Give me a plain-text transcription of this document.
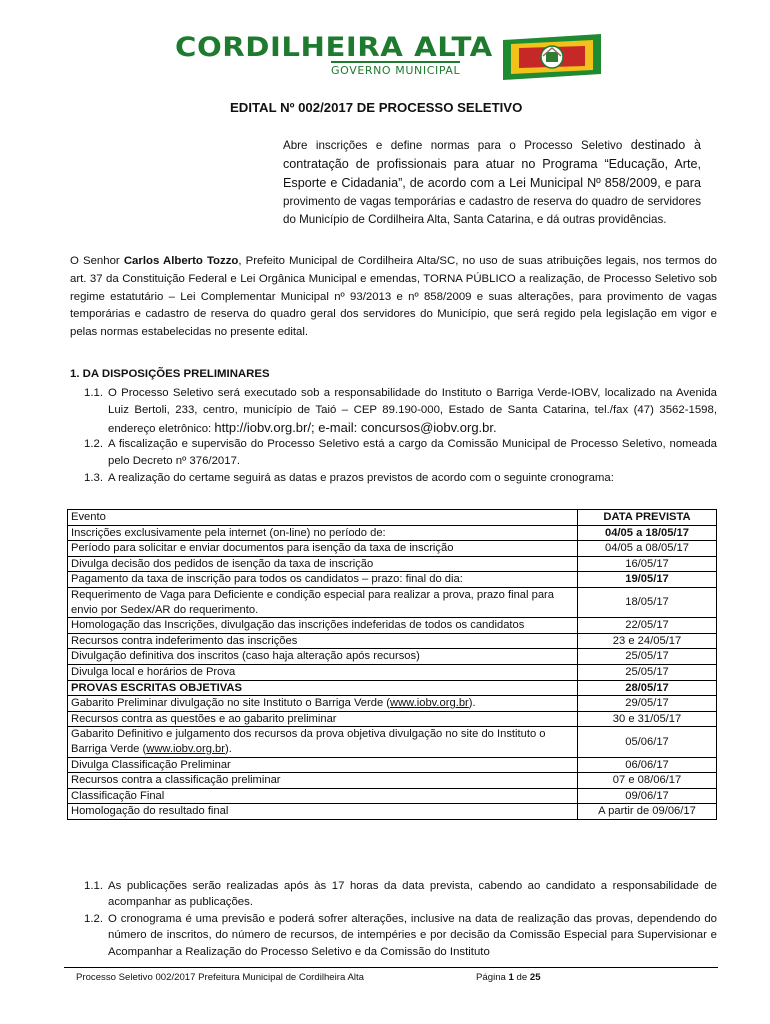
CORDILHEIRA ALTA
GOVERNO MUNICIPAL
EDITAL Nº 002/2017 DE PROCESSO SELETIVO
Abre inscrições e define normas para o Processo Seletivo destinado à contratação de profissionais para atuar no Programa “Educação, Arte, Esporte e Cidadania”, de acordo com a Lei Municipal Nº 858/2009, e para provimento de vagas temporárias e cadastro de reserva do quadro de servidores do Município de Cordilheira Alta, Santa Catarina, e dá outras providências.
O Senhor Carlos Alberto Tozzo, Prefeito Municipal de Cordilheira Alta/SC, no uso de suas atribuições legais, nos termos do art. 37 da Constituição Federal e Lei Orgânica Municipal e emendas, TORNA PÚBLICO a realização, de Processo Seletivo sob regime estatutário – Lei Complementar Municipal nº 93/2013 e nº 858/2009 e suas alterações, para provimento de vagas temporárias e cadastro de reserva do quadro geral dos servidores do Município, que será regido pela legislação em vigor e pelas normas estabelecidas no presente edital.
1. DA DISPOSIÇÕES PRELIMINARES
1.1. O Processo Seletivo será executado sob a responsabilidade do Instituto o Barriga Verde-IOBV, localizado na Avenida Luiz Bertoli, 233, centro, município de Taió – CEP 89.190-000, Estado de Santa Catarina, tel./fax (47) 3562-1598, endereço eletrônico: http://iobv.org.br/; e-mail: concursos@iobv.org.br.
1.2. A fiscalização e supervisão do Processo Seletivo está a cargo da Comissão Municipal de Processo Seletivo, nomeada pelo Decreto nº 376/2017.
1.3. A realização do certame seguirá as datas e prazos previstos de acordo com o seguinte cronograma:
Evento	DATA PREVISTA
Inscrições exclusivamente pela internet (on-line) no período de:	04/05 a 18/05/17
Período para solicitar e enviar documentos para isenção da taxa de inscrição	04/05 a 08/05/17
Divulga decisão dos pedidos de isenção da taxa de inscrição	16/05/17
Pagamento da taxa de inscrição para todos os candidatos – prazo: final do dia:	19/05/17
Requerimento de Vaga para Deficiente e condição especial para realizar a prova, prazo final para envio por Sedex/AR do requerimento.	18/05/17
Homologação das Inscrições, divulgação das inscrições indeferidas de todos os candidatos	22/05/17
Recursos contra indeferimento das inscrições	23 e 24/05/17
Divulgação definitiva dos inscritos (caso haja alteração após recursos)	25/05/17
Divulga local e horários de Prova	25/05/17
PROVAS ESCRITAS OBJETIVAS	28/05/17
Gabarito Preliminar divulgação no site Instituto o Barriga Verde (www.iobv.org.br).	29/05/17
Recursos contra as questões e ao gabarito preliminar	30 e 31/05/17
Gabarito Definitivo e julgamento dos recursos da prova objetiva divulgação no site do Instituto o Barriga Verde (www.iobv.org.br).	05/06/17
Divulga Classificação Preliminar	06/06/17
Recursos contra a classificação preliminar	07 e 08/06/17
Classificação Final	09/06/17
Homologação do resultado final	A partir de 09/06/17
1.1. As publicações serão realizadas após às 17 horas da data prevista, cabendo ao candidato a responsabilidade de acompanhar as publicações.
1.2. O cronograma é uma previsão e poderá sofrer alterações, inclusive na data de realização das provas, dependendo do número de inscritos, do número de recursos, de intempéries e por decisão da Comissão Especial para Supervisionar e Acompanhar a Realização do Processo Seletivo e da Comissão do Instituto
Processo Seletivo 002/2017 Prefeitura Municipal de Cordilheira Alta	Página 1 de 25
